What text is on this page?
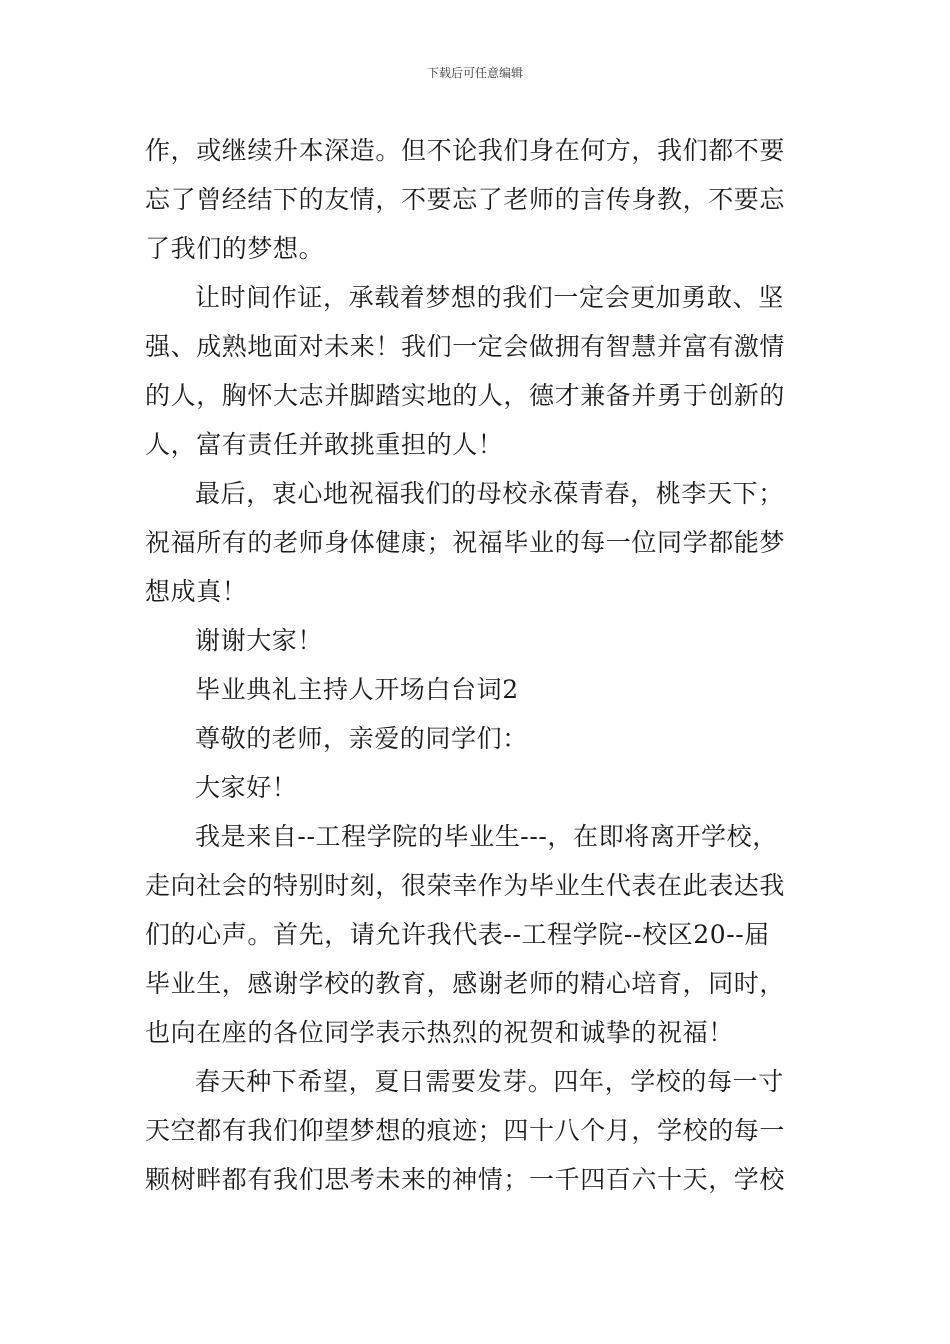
下载后可任意编辑
作，或继续升本深造。但不论我们身在何方，我们都不要
忘了曾经结下的友情，不要忘了老师的言传身教，不要忘
了我们的梦想。
让时间作证，承载着梦想的我们一定会更加勇敢、坚
强、成熟地面对未来！我们一定会做拥有智慧并富有激情
的人，胸怀大志并脚踏实地的人，德才兼备并勇于创新的
人，富有责任并敢挑重担的人！
最后，衷心地祝福我们的母校永葆青春，桃李天下；
祝福所有的老师身体健康；祝福毕业的每一位同学都能梦
想成真！
谢谢大家！
毕业典礼主持人开场白台词2
尊敬的老师，亲爱的同学们：
大家好！
我是来自--工程学院的毕业生---，在即将离开学校，
走向社会的特别时刻，很荣幸作为毕业生代表在此表达我
们的心声。首先，请允许我代表--工程学院--校区20--届
毕业生，感谢学校的教育，感谢老师的精心培育，同时，
也向在座的各位同学表示热烈的祝贺和诚挚的祝福！
春天种下希望，夏日需要发芽。四年，学校的每一寸
天空都有我们仰望梦想的痕迹；四十八个月，学校的每一
颗树畔都有我们思考未来的神情；一千四百六十天，学校
